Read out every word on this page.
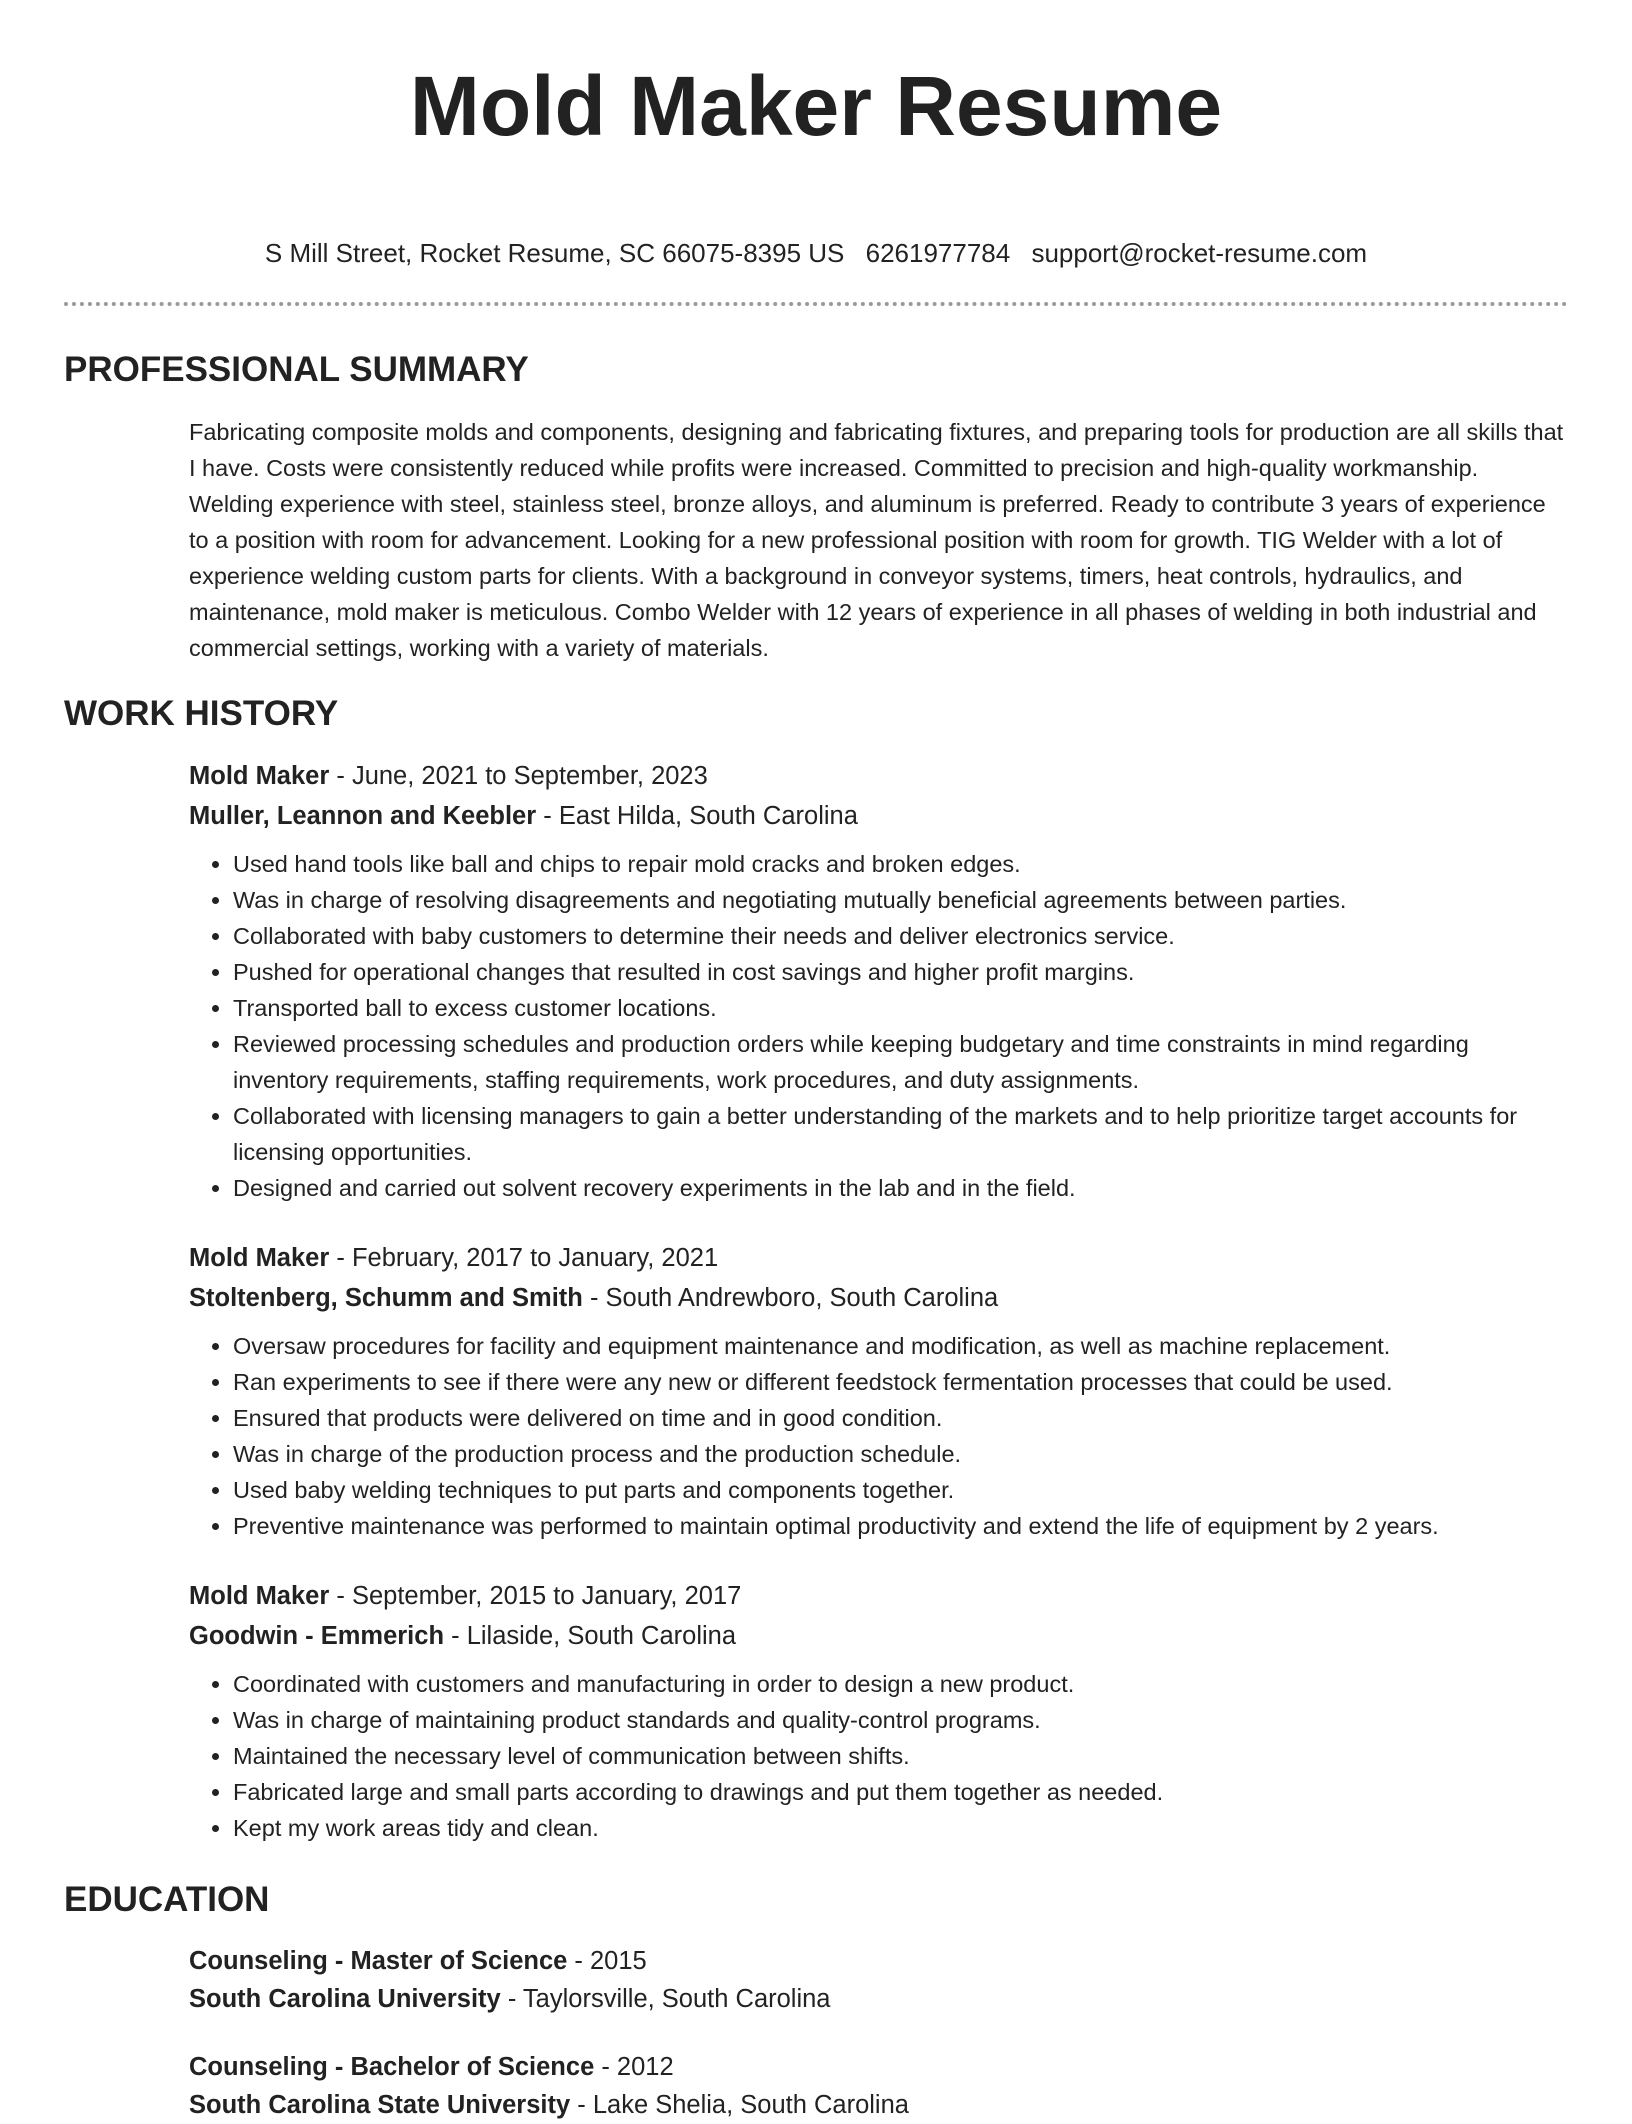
Mold Maker Resume
S Mill Street, Rocket Resume, SC 66075-8395 US 6261977784 support@rocket-resume.com
PROFESSIONAL SUMMARY

Fabricating composite molds and components, designing and fabricating fixtures, and preparing tools for production are all skills that I have. Costs were consistently reduced while profits were increased. Committed to precision and high-quality workmanship. Welding experience with steel, stainless steel, bronze alloys, and aluminum is preferred. Ready to contribute 3 years of experience to a position with room for advancement. Looking for a new professional position with room for growth. TIG Welder with a lot of experience welding custom parts for clients. With a background in conveyor systems, timers, heat controls, hydraulics, and maintenance, mold maker is meticulous. Combo Welder with 12 years of experience in all phases of welding in both industrial and commercial settings, working with a variety of materials.

WORK HISTORY
Mold Maker - June, 2021 to September, 2023
Muller, Leannon and Keebler - East Hilda, South Carolina
• Used hand tools like ball and chips to repair mold cracks and broken edges.
• Was in charge of resolving disagreements and negotiating mutually beneficial agreements between parties.
• Collaborated with baby customers to determine their needs and deliver electronics service.
• Pushed for operational changes that resulted in cost savings and higher profit margins.
• Transported ball to excess customer locations.
• Reviewed processing schedules and production orders while keeping budgetary and time constraints in mind regarding inventory requirements, staffing requirements, work procedures, and duty assignments.
• Collaborated with licensing managers to gain a better understanding of the markets and to help prioritize target accounts for licensing opportunities.
• Designed and carried out solvent recovery experiments in the lab and in the field.
Mold Maker - February, 2017 to January, 2021
Stoltenberg, Schumm and Smith - South Andrewboro, South Carolina
• Oversaw procedures for facility and equipment maintenance and modification, as well as machine replacement.
• Ran experiments to see if there were any new or different feedstock fermentation processes that could be used.
• Ensured that products were delivered on time and in good condition.
• Was in charge of the production process and the production schedule.
• Used baby welding techniques to put parts and components together.
• Preventive maintenance was performed to maintain optimal productivity and extend the life of equipment by 2 years.
Mold Maker - September, 2015 to January, 2017
Goodwin - Emmerich - Lilaside, South Carolina
• Coordinated with customers and manufacturing in order to design a new product.
• Was in charge of maintaining product standards and quality-control programs.
• Maintained the necessary level of communication between shifts.
• Fabricated large and small parts according to drawings and put them together as needed.
• Kept my work areas tidy and clean.
EDUCATION
Counseling - Master of Science - 2015
South Carolina University - Taylorsville, South Carolina
Counseling - Bachelor of Science - 2012
South Carolina State University - Lake Shelia, South Carolina
